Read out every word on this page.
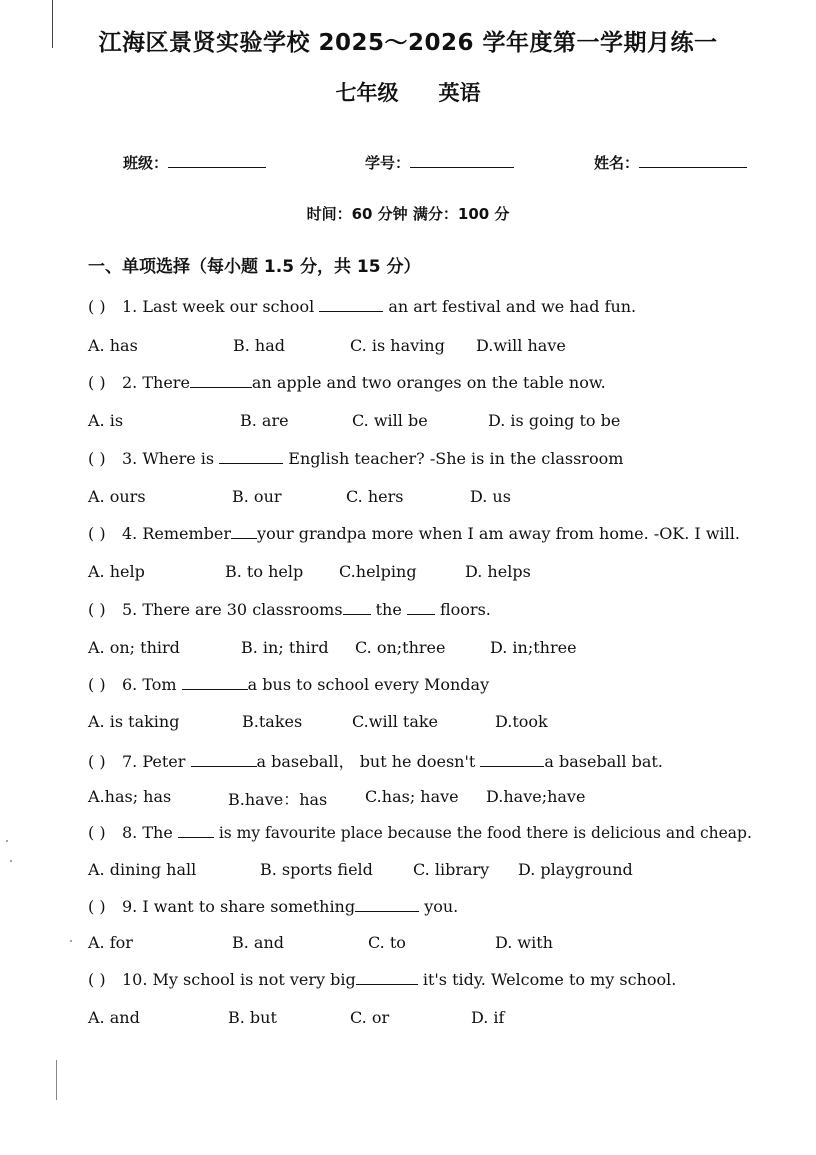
江海区景贤实验学校 2025～2026 学年度第一学期月练一
七年级 英语
班级：	学号：	姓名：
时间：60 分钟 满分：100 分
一、单项选择（每小题 1.5 分，共 15 分）
( ) 1. Last week our school	an art festival and we had fun.
A. has	B. had	C. is having D.will have
( ) 2. There	an apple and two oranges on the table now.
A. is	B. are	C. will be	D. is going to be
( ) 3. Where is	English teacher? -She is in the classroom
A. ours	B. our	C. hers	D. us
( ) 4. Remember your grandpa more when I am away from home. -OK. I will.
A. help	B. to help C.helping	D. helps
( ) 5. There are 30 classrooms the  floors.
A. on; third	B. in; third C. on;three	D. in;three
( ) 6. Tom	a bus to school every Monday
A. is taking	B.takes	C.will take	D.took
( ) 7. Peter	a baseball， but he doesn't	a baseball bat.
A.has; has	B.have：has C.has; have D.have;have
( ) 8. The  is my favourite place because the food there is delicious and cheap.
A. dining hall	B. sports field	C. library D. playground
( ) 9. I want to share something	you.
A. for	B. and	C. to	D. with
( ) 10. My school is not very big	it's tidy. Welcome to my school.
A. and	B. but	C. or	D. if
